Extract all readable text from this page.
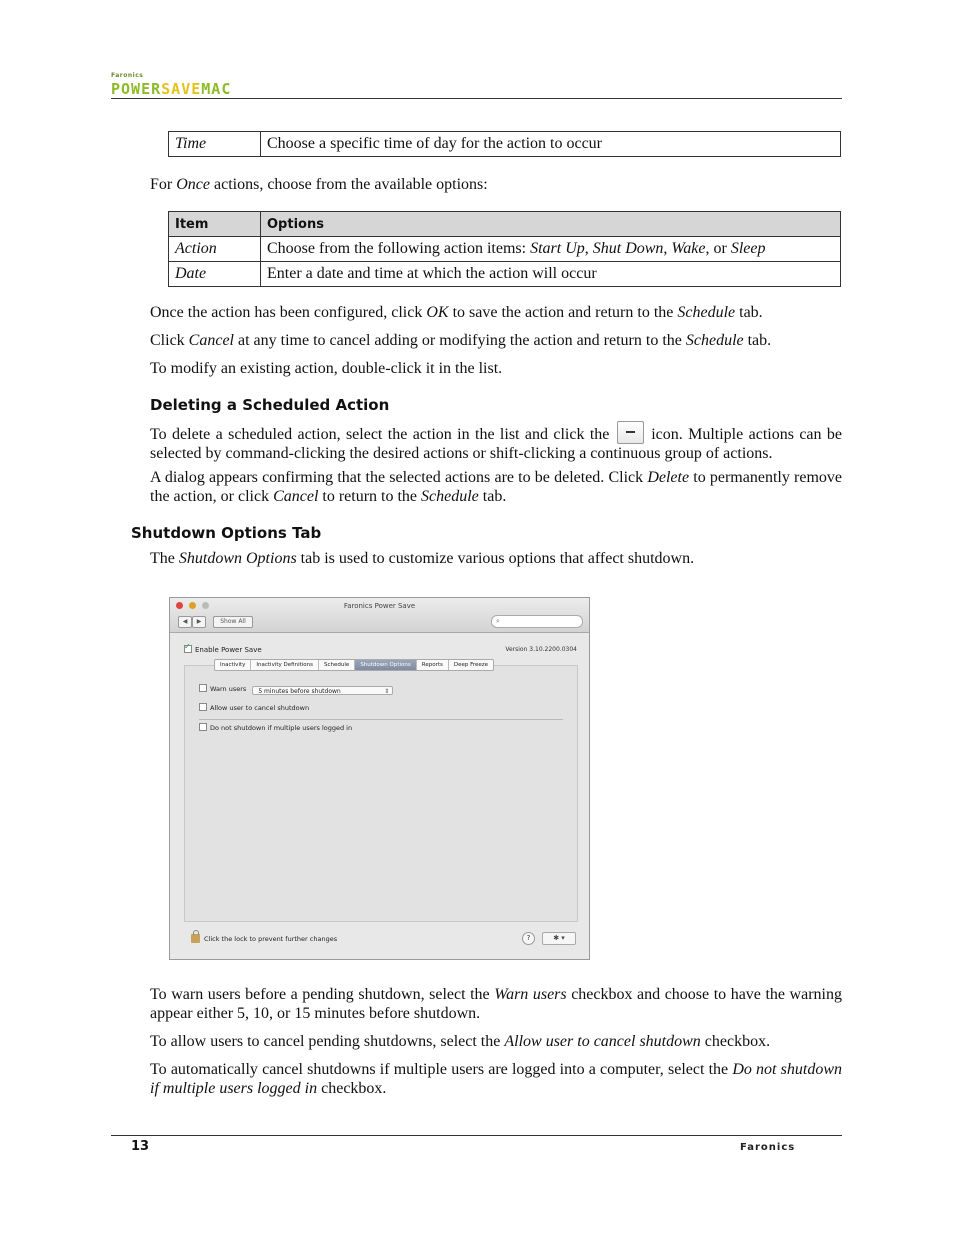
Faronics
POWERSAVEMAC
Time	Choose a specific time of day for the action to occur

For Once actions, choose from the available options:

Item	Options
Action	Choose from the following action items: Start Up, Shut Down, Wake, or Sleep
Date	Enter a date and time at which the action will occur

Once the action has been configured, click OK to save the action and return to the Schedule tab.

Click Cancel at any time to cancel adding or modifying the action and return to the Schedule tab.

To modify an existing action, double-click it in the list.

Deleting a Scheduled Action

To delete a scheduled action, select the action in the list and click the	icon. Multiple actions can be selected by command-clicking the desired actions or shift-clicking a continuous group of actions.

A dialog appears confirming that the selected actions are to be deleted. Click Delete to permanently remove the action, or click Cancel to return to the Schedule tab.

Shutdown Options Tab

The Shutdown Options tab is used to customize various options that affect shutdown.

Faronics Power Save
◀	▶	Show All	⌕
✓Enable Power Save	Version 3.10.2200.0304
Warn users 5 minutes before shutdown ⇕
Allow user to cancel shutdown
Do not shutdown if multiple users logged in
Inactivity	Inactivity Definitions	Schedule	Shutdown Options	Reports	Deep Freeze
Click the lock to prevent further changes	?	✱ ▾

To warn users before a pending shutdown, select the Warn users checkbox and choose to have the warning appear either 5, 10, or 15 minutes before shutdown.

To allow users to cancel pending shutdowns, select the Allow user to cancel shutdown checkbox.

To automatically cancel shutdowns if multiple users are logged into a computer, select the Do not shutdown if multiple users logged in checkbox.

13	Faronics
